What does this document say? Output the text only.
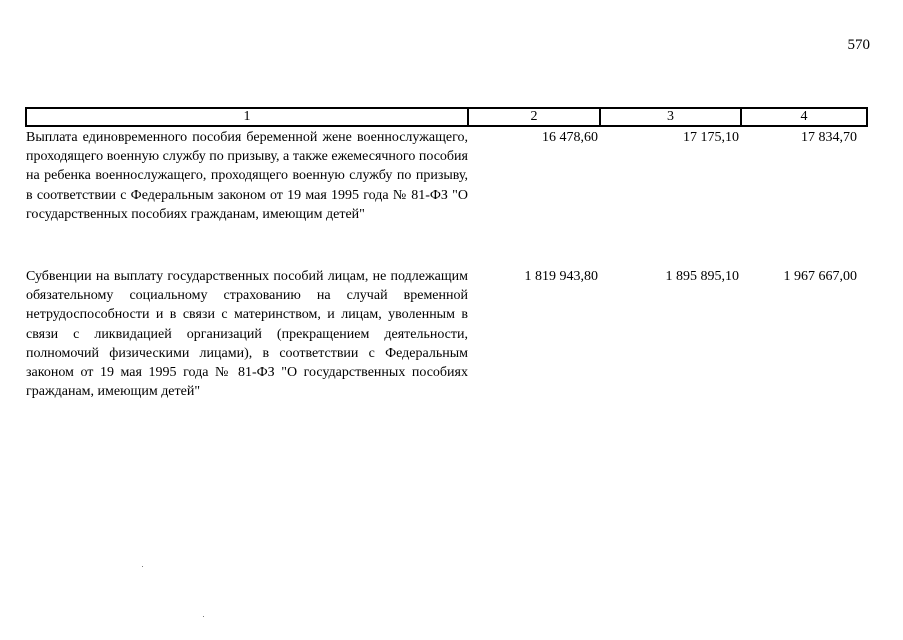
570
1	2	3	4
Выплата единовременного пособия беременной жене военнослужащего, проходящего военную службу по призыву, а также ежемесячного пособия на ребенка военнослужащего, проходящего военную службу по призыву, в соответствии с Федеральным законом от 19 мая 1995 года № 81-ФЗ "О государственных пособиях гражданам, имеющим детей"	16 478,60	17 175,10	17 834,70
Субвенции на выплату государственных пособий лицам, не подлежащим обязательному социальному страхованию на случай временной нетрудоспособности и в связи с материнством, и лицам, уволенным в связи с ликвидацией организаций (прекращением деятельности, полномочий физическими лицами), в соответствии с Федеральным законом от 19 мая 1995 года № 81-ФЗ "О государственных пособиях гражданам, имеющим детей"	1 819 943,80	1 895 895,10	1 967 667,00
